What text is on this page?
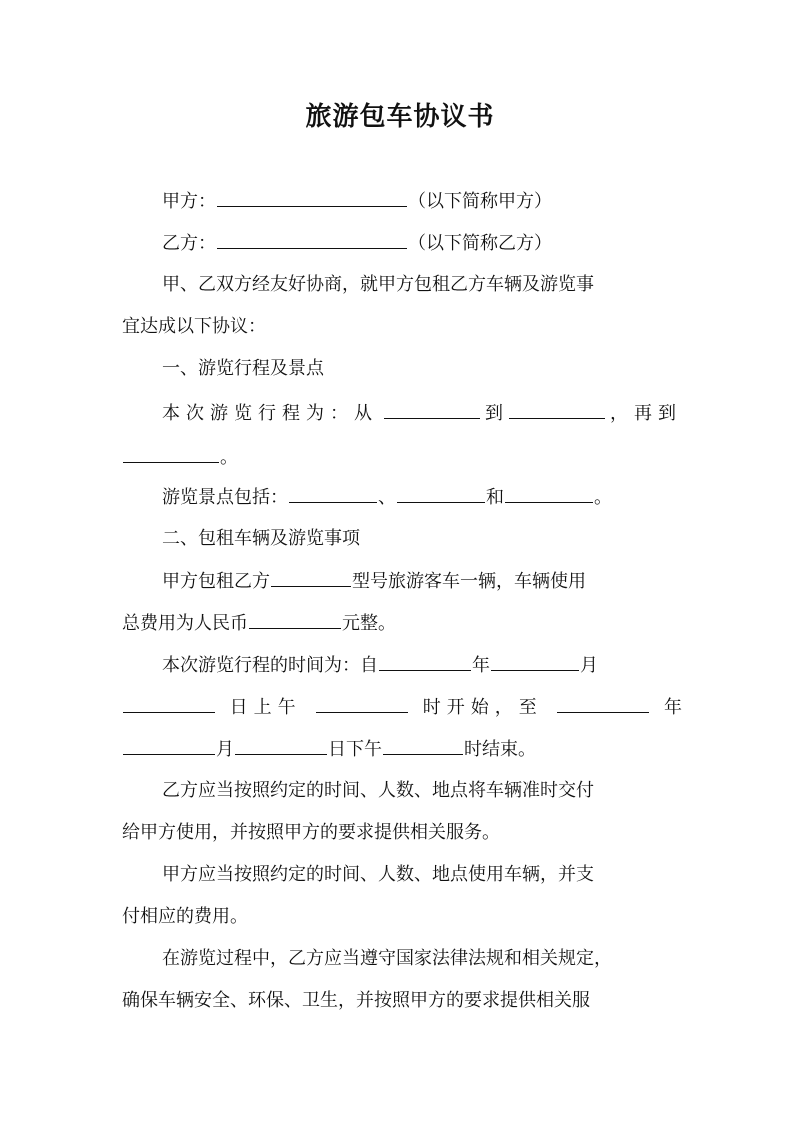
旅游包车协议书
甲方：	（以下简称甲方）
乙方：	（以下简称乙方）
甲、乙双方经友好协商，就甲方包租乙方车辆及游览事
宜达成以下协议：
一、游览行程及景点
本次游览行程为：从	到	，再到
。
游览景点包括：	、	和	。
二、包租车辆及游览事项
甲方包租乙方	型号旅游客车一辆，车辆使用
总费用为人民币	元整。
本次游览行程的时间为：自	年	月
日上午	时开始，至	年
月	日下午	时结束。
乙方应当按照约定的时间、人数、地点将车辆准时交付
给甲方使用，并按照甲方的要求提供相关服务。
甲方应当按照约定的时间、人数、地点使用车辆，并支
付相应的费用。
在游览过程中，乙方应当遵守国家法律法规和相关规定，
确保车辆安全、环保、卫生，并按照甲方的要求提供相关服
